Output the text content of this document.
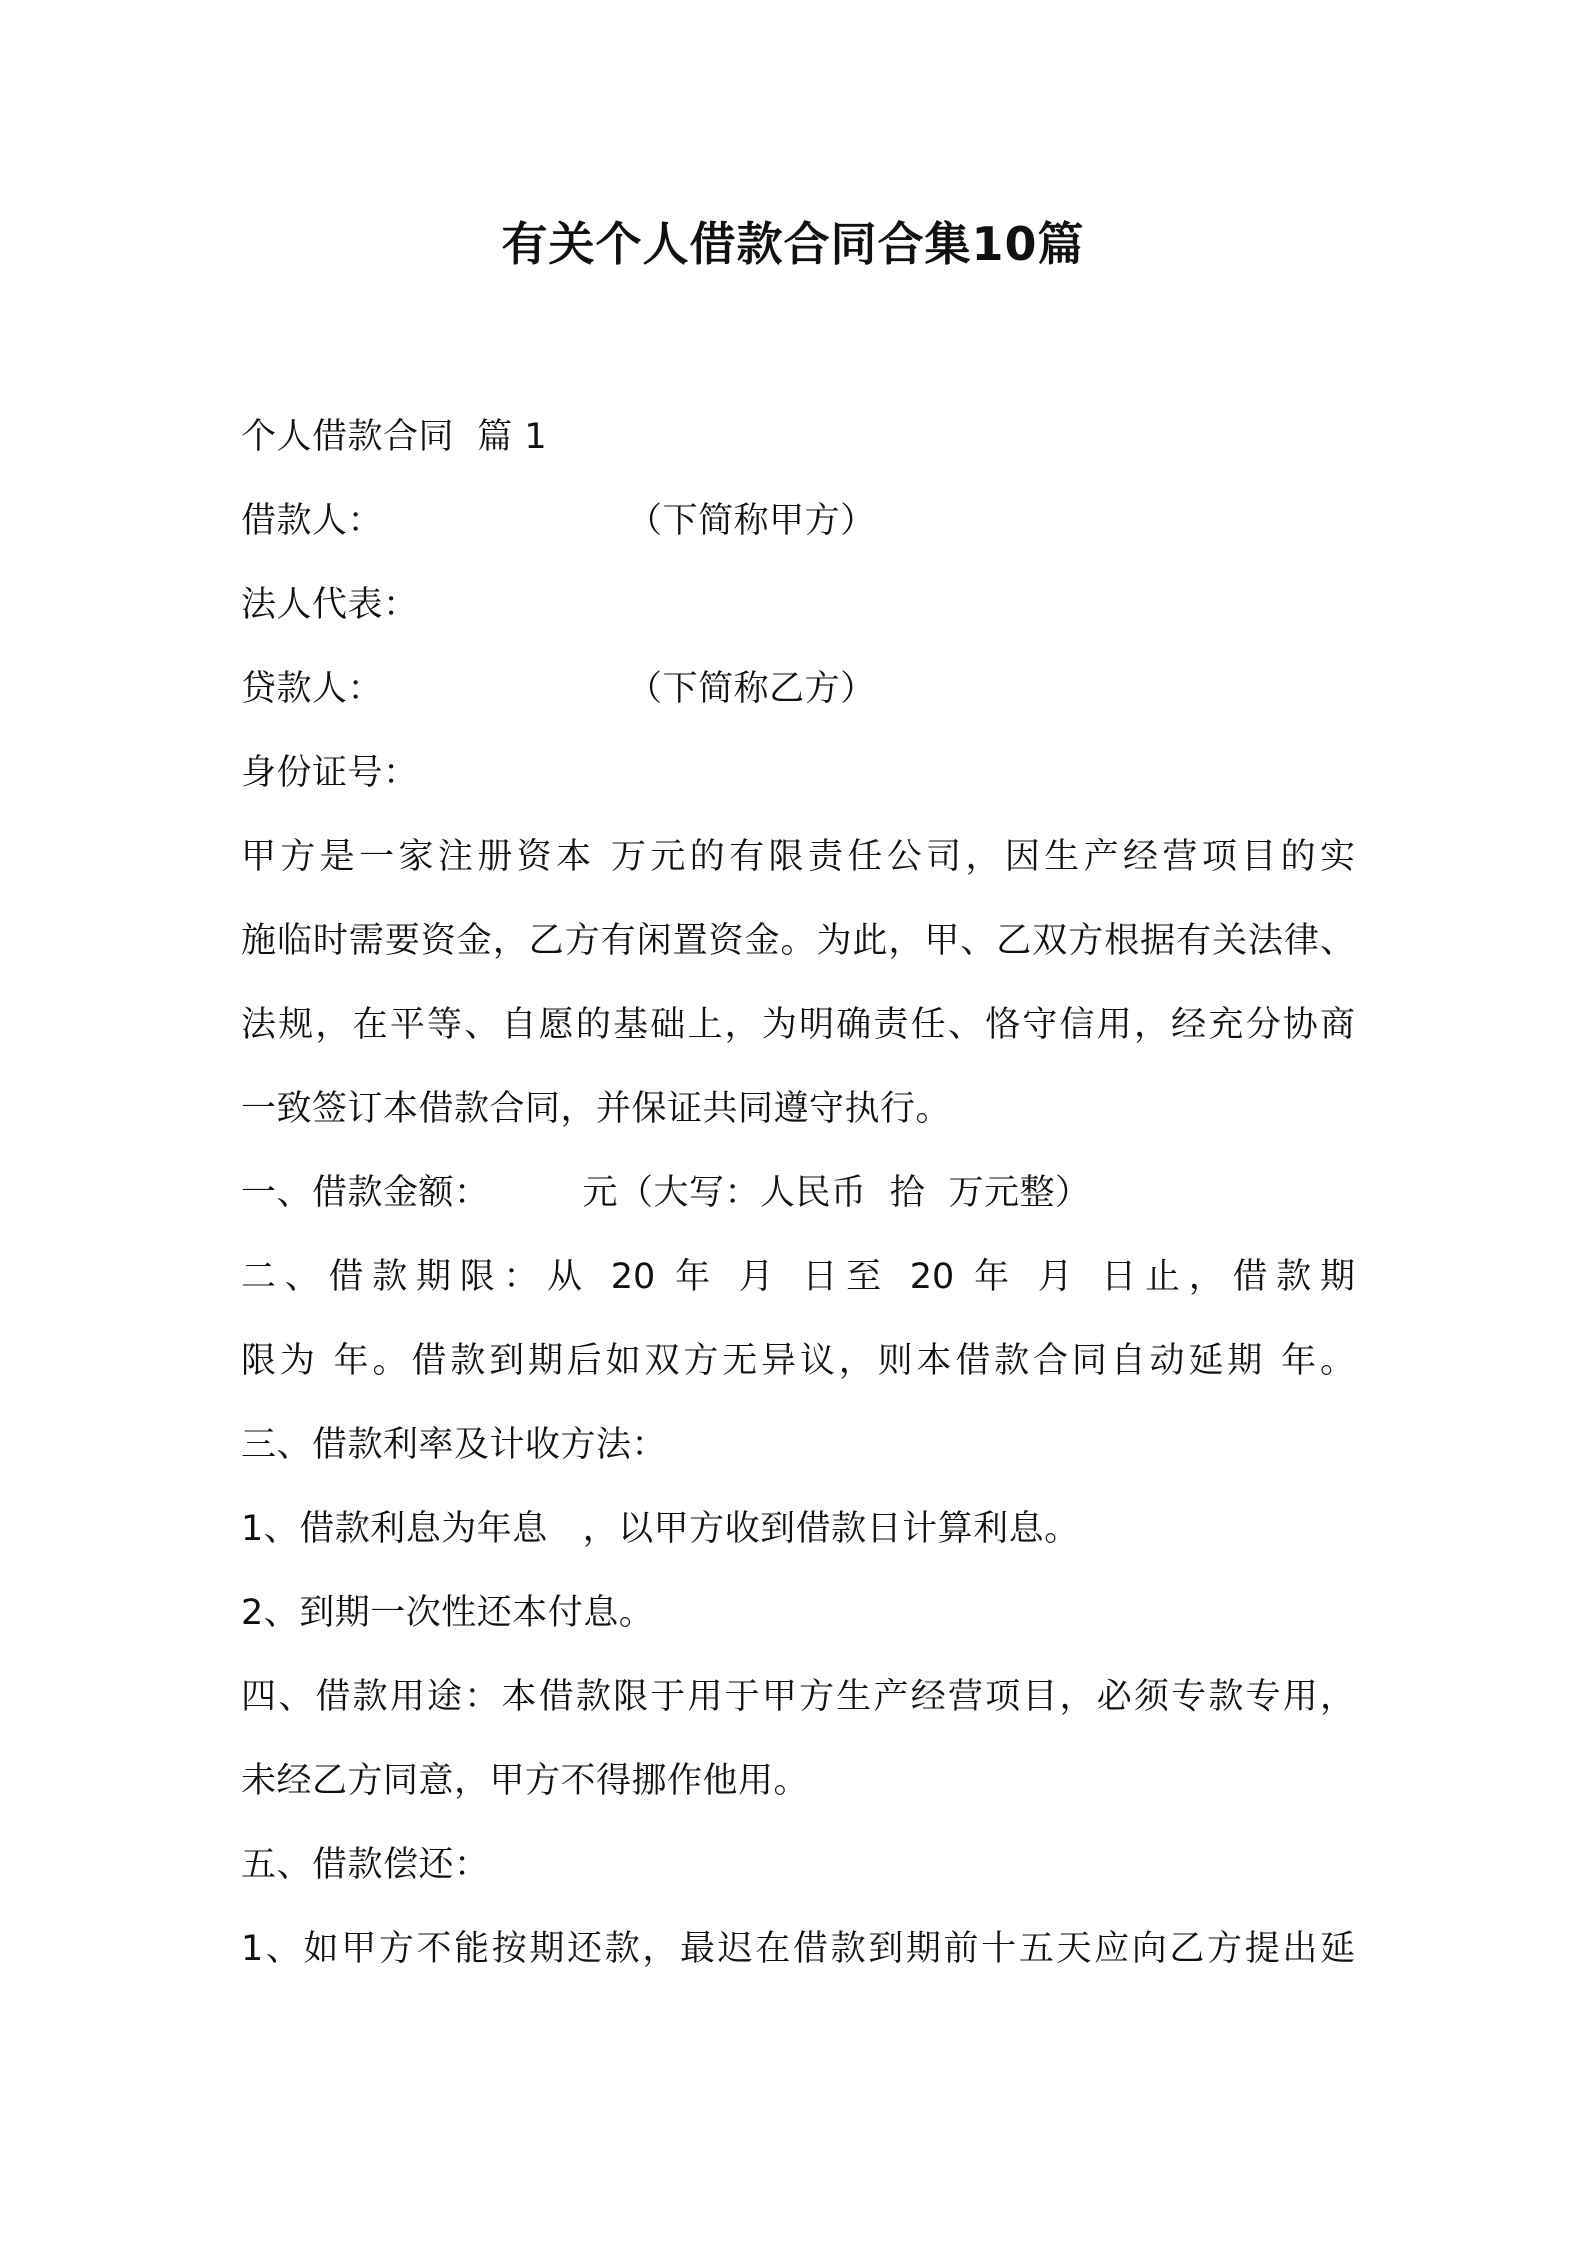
有关个人借款合同合集10篇
个人借款合同  篇 1
借款人：                     （下简称甲方）
法人代表：
贷款人：                     （下简称乙方）
身份证号：
甲方是一家注册资本 万元的有限责任公司，因生产经营项目的实
施临时需要资金，乙方有闲置资金。为此，甲、乙双方根据有关法律、
法规，在平等、自愿的基础上，为明确责任、恪守信用，经充分协商
一致签订本借款合同，并保证共同遵守执行。
一、借款金额：        元（大写：人民币  拾  万元整）
二、借款期限：从 20 年 月 日至 20 年 月 日止，借款期
限为 年。借款到期后如双方无异议，则本借款合同自动延期 年。
三、借款利率及计收方法：
1、借款利息为年息   ，以甲方收到借款日计算利息。
2、到期一次性还本付息。
四、借款用途：本借款限于用于甲方生产经营项目，必须专款专用，
未经乙方同意，甲方不得挪作他用。
五、借款偿还：
1、如甲方不能按期还款，最迟在借款到期前十五天应向乙方提出延
